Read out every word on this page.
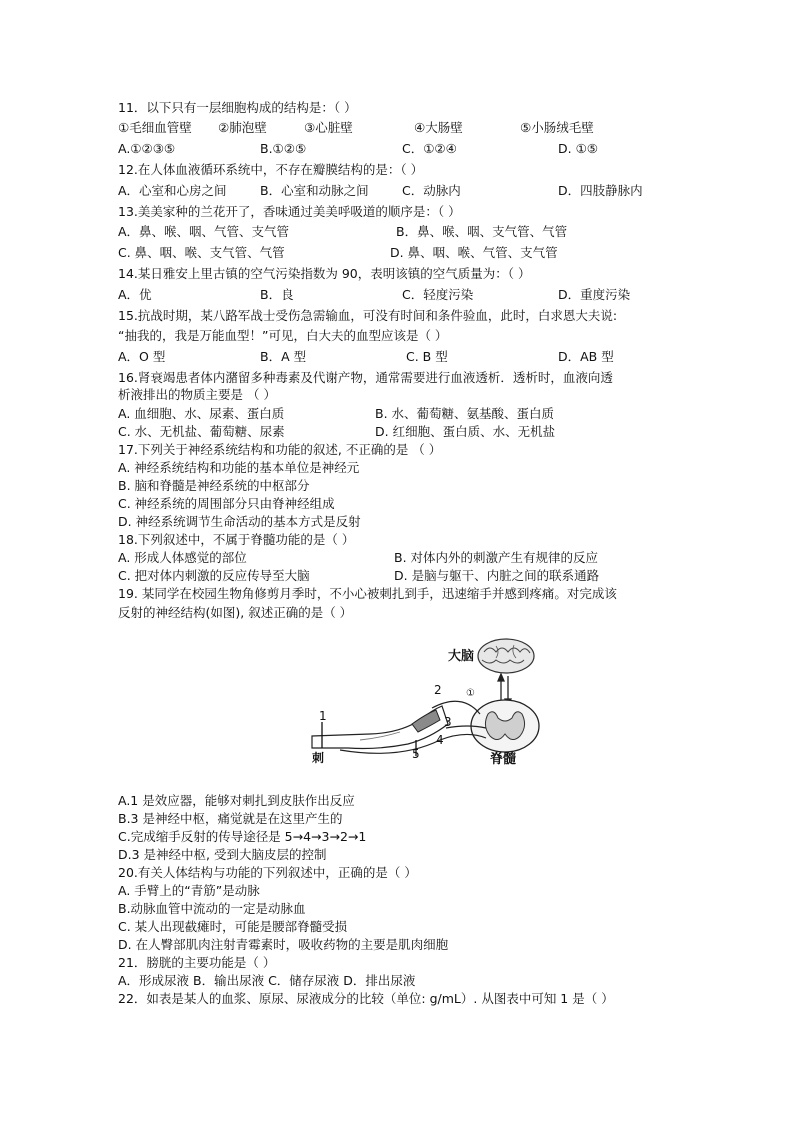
11．以下只有一层细胞构成的结构是：（ ）
①毛细血管壁 ②肺泡壁	③心脏壁	④大肠壁	⑤小肠绒毛壁
A.①②③⑤	B.①②⑤	C．①②④	D. ①⑤
12.在人体血液循环系统中，不存在瓣膜结构的是：（ ）
A．心室和心房之间	B．心室和动脉之间	C．动脉内	D．四肢静脉内
13.美美家种的兰花开了，香味通过美美呼吸道的顺序是：（ ）
A．鼻、喉、咽、气管、支气管	B．鼻、喉、咽、支气管、气管
C. 鼻、咽、喉、支气管、气管	D. 鼻、咽、喉、气管、支气管
14.某日雅安上里古镇的空气污染指数为 90，表明该镇的空气质量为：（ ）
A．优	B．良	C．轻度污染	D．重度污染
15.抗战时期，某八路军战士受伤急需输血，可没有时间和条件验血，此时，白求恩大夫说:
“抽我的，我是万能血型！”可见，白大夫的血型应该是（ ）
A．O 型	B．A 型	C. B 型	D．AB 型
16.肾衰竭患者体内潴留多种毒素及代谢产物，通常需要进行血液透析．透析时，血液向透
析液排出的物质主要是 （ ）
A. 血细胞、水、尿素、蛋白质	B. 水、葡萄糖、氨基酸、蛋白质
C. 水、无机盐、葡萄糖、尿素	D. 红细胞、蛋白质、水、无机盐
17.下列关于神经系统结构和功能的叙述, 不正确的是 （ ）
A. 神经系统结构和功能的基本单位是神经元
B. 脑和脊髓是神经系统的中枢部分
C. 神经系统的周围部分只由脊神经组成
D. 神经系统调节生命活动的基本方式是反射
18.下列叙述中，不属于脊髓功能的是（ ）
A. 形成人体感觉的部位	B. 对体内外的刺激产生有规律的反应
C. 把对体内刺激的反应传导至大脑	D. 是脑与躯干、内脏之间的联系通路
19. 某同学在校园生物角修剪月季时，不小心被刺扎到手，迅速缩手并感到疼痛。对完成该
反射的神经结构(如图), 叙述正确的是（ ）
大脑
脊髓
①
1
2
3
4
5
刺
A.1 是效应器，能够对刺扎到皮肤作出反应
B.3 是神经中枢，痛觉就是在这里产生的
C.完成缩手反射的传导途径是 5→4→3→2→1
D.3 是神经中枢, 受到大脑皮层的控制
20.有关人体结构与功能的下列叙述中，正确的是（ ）
A. 手臂上的“青筋”是动脉
B.动脉血管中流动的一定是动脉血
C. 某人出现截瘫时，可能是腰部脊髓受损
D. 在人臀部肌肉注射青霉素时，吸收药物的主要是肌肉细胞
21．膀胱的主要功能是（ ）
A．形成尿液 B．输出尿液 C．储存尿液 D．排出尿液
22．如表是某人的血浆、原尿、尿液成分的比较（单位: g/mL）. 从图表中可知 1 是（ ）
